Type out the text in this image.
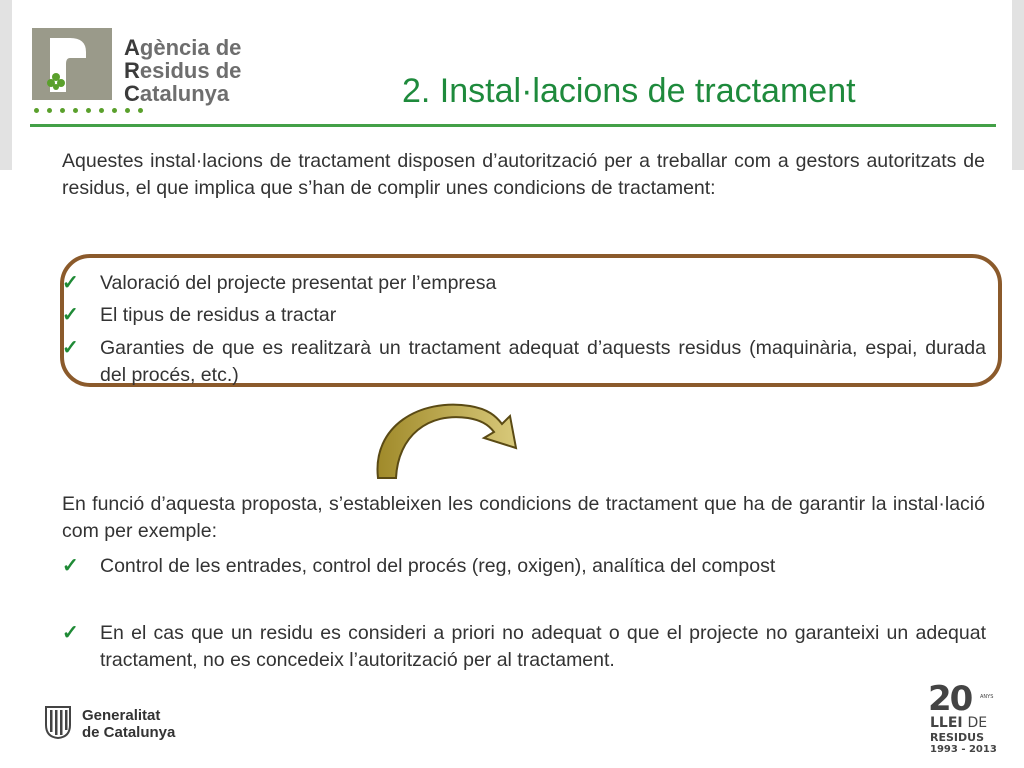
Agència de
Residus de
Catalunya	2. Instal·lacions de tractament
Aquestes instal·lacions de tractament disposen d’autorització per a treballar com a gestors autoritzats de residus, el que implica que s’han de complir unes condicions de tractament:
✓ Valoració del projecte presentat per l’empresa
✓ El tipus de residus a tractar
✓ Garanties de que es realitzarà un tractament adequat d’aquests residus (maquinària, espai, durada del procés, etc.)
En funció d’aquesta proposta, s’estableixen les condicions de tractament que ha de garantir la instal·lació com per exemple:
✓ Control de les entrades, control del procés (reg, oxigen), analítica del compost
✓ En el cas que un residu es consideri a priori no adequat o que el projecte no garanteixi un adequat tractament, no es concedeix l’autorització per al tractament.
Generalitat
de Catalunya
20 ANYS
LLEI DE
RESIDUS
1993 - 2013
